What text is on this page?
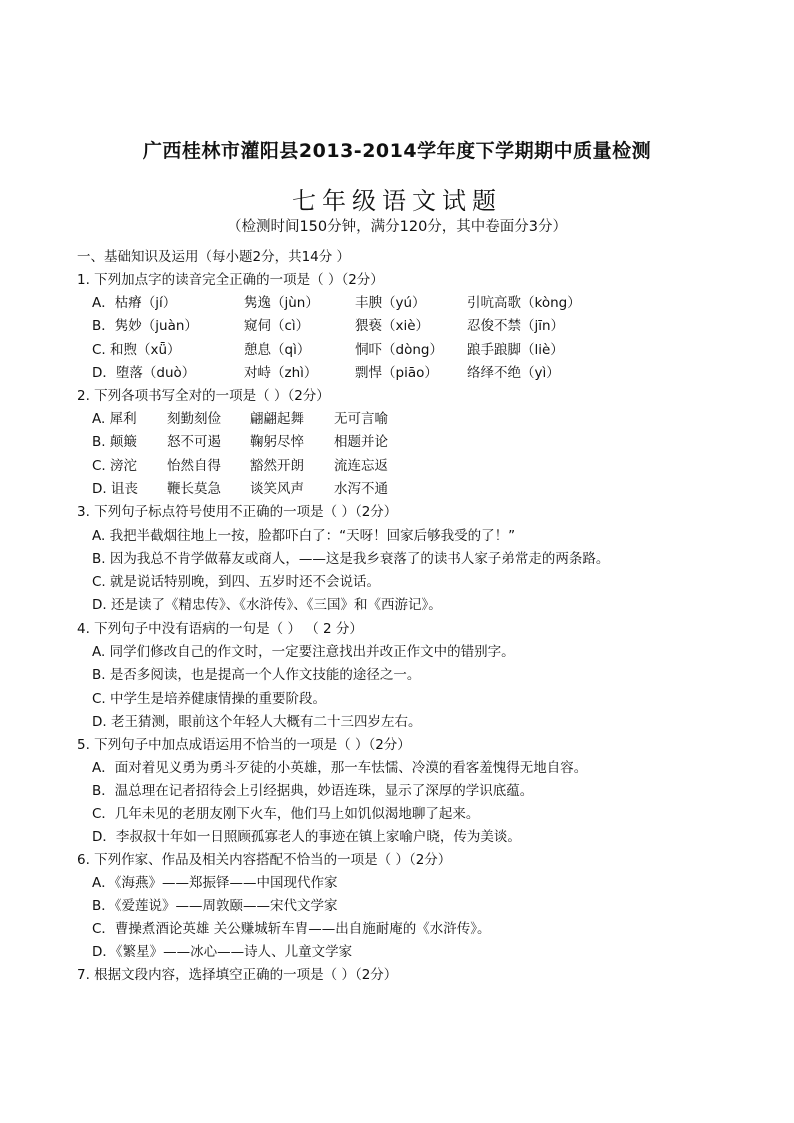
广西桂林市灌阳县2013-2014学年度下学期期中质量检测
七年级语文试题
（检测时间150分钟，满分120分，其中卷面分3分）
一、基础知识及运用（每小题2分，共14分 ）
1. 下列加点字的读音完全正确的一项是（ ）（2分）
A．枯瘠（jí）	隽逸（jùn）	丰腴（yú）	引吭高歌（kòng）
B．隽妙（juàn）	窥伺（cì）	猥亵（xiè）	忍俊不禁（jīn）
C. 和煦（xǖ）	憩息（qì）	恫吓（dòng） 踉手踉脚（liè）
D．堕落（duò）	对峙（zhì）	剽悍（piāo） 络绎不绝（yì）
2. 下列各项书写全对的一项是（ ）（2分）
A. 犀利 刻勤刻俭 翩翩起舞 无可言喻
B. 颠簸 怒不可遏 鞠躬尽悴 相题并论
C. 滂沱 怡然自得 豁然开朗 流连忘返
D. 诅丧 鞭长莫急 谈笑风声 水泻不通
3. 下列句子标点符号使用不正确的一项是（ ）（2分）
A. 我把半截烟往地上一按，脸都吓白了：“天呀！回家后够我受的了！”
B. 因为我总不肯学做幕友或商人，——这是我乡衰落了的读书人家子弟常走的两条路。
C. 就是说话特别晚，到四、五岁时还不会说话。
D. 还是读了《精忠传》、《水浒传》、《三国》和《西游记》。
4. 下列句子中没有语病的一句是（ ） （ 2 分）
A. 同学们修改自己的作文时，一定要注意找出并改正作文中的错别字。
B. 是否多阅读，也是提高一个人作文技能的途径之一。
C. 中学生是培养健康情操的重要阶段。
D. 老王猜测，眼前这个年轻人大概有二十三四岁左右。
5. 下列句子中加点成语运用不恰当的一项是（ ）（2分）
A．面对着见义勇为勇斗歹徒的小英雄，那一车怯懦、冷漠的看客羞愧得无地自容。
B．温总理在记者招待会上引经据典，妙语连珠，显示了深厚的学识底蕴。
C．几年未见的老朋友刚下火车，他们马上如饥似渴地聊了起来。
D．李叔叔十年如一日照顾孤寡老人的事迹在镇上家喻户晓，传为美谈。
6. 下列作家、作品及相关内容搭配不恰当的一项是（ ）（2分）
A．《海燕》——郑振铎——中国现代作家
B．《爱莲说》——周敦颐——宋代文学家
C．曹操煮酒论英雄 关公赚城斩车胄——出自施耐庵的《水浒传》。
D．《繁星》——冰心——诗人、儿童文学家
7. 根据文段内容，选择填空正确的一项是（ ）（2分）
